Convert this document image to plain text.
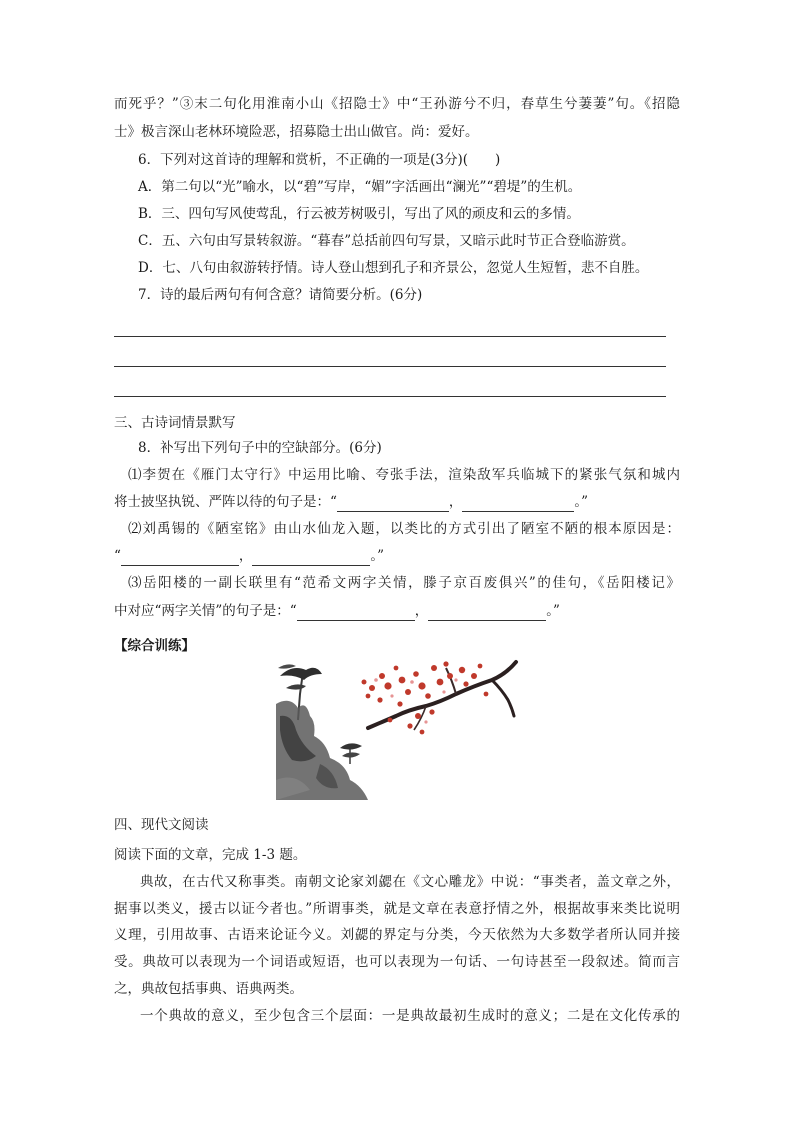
而死乎？”③末二句化用淮南小山《招隐士》中“王孙游兮不归，春草生兮萋萋”句。《招隐
士》极言深山老林环境险恶，招募隐士出山做官。尚：爱好。
6．下列对这首诗的理解和赏析，不正确的一项是(3分)(　　)
A．第二句以“光”喻水，以“碧”写岸，“媚”字活画出“澜光”“碧堤”的生机。
B．三、四句写风使莺乱，行云被芳树吸引，写出了风的顽皮和云的多情。
C．五、六句由写景转叙游。“暮春”总括前四句写景，又暗示此时节正合登临游赏。
D．七、八句由叙游转抒情。诗人登山想到孔子和齐景公，忽觉人生短暂，悲不自胜。
7．诗的最后两句有何含意？请简要分析。(6分)
三、古诗词情景默写
8．补写出下列句子中的空缺部分。(6分)
⑴李贺在《雁门太守行》中运用比喻、夸张手法，渲染敌军兵临城下的紧张气氛和城内
将士披坚执锐、严阵以待的句子是：“	，	。”
⑵刘禹锡的《陋室铭》由山水仙龙入题，以类比的方式引出了陋室不陋的根本原因是：
“	，	。”
⑶岳阳楼的一副长联里有“范希文两字关情，滕子京百废俱兴”的佳句，《岳阳楼记》
中对应“两字关情”的句子是：“	，	。”
【综合训练】
四、现代文阅读
阅读下面的文章，完成 1-3 题。
典故，在古代又称事类。南朝文论家刘勰在《文心雕龙》中说：“事类者，盖文章之外，
据事以类义，援古以证今者也。”所谓事类，就是文章在表意抒情之外，根据故事来类比说明
义理，引用故事、古语来论证今义。刘勰的界定与分类，今天依然为大多数学者所认同并接
受。典故可以表现为一个词语或短语，也可以表现为一句话、一句诗甚至一段叙述。简而言
之，典故包括事典、语典两类。
一个典故的意义，至少包含三个层面：一是典故最初生成时的意义；二是在文化传承的
